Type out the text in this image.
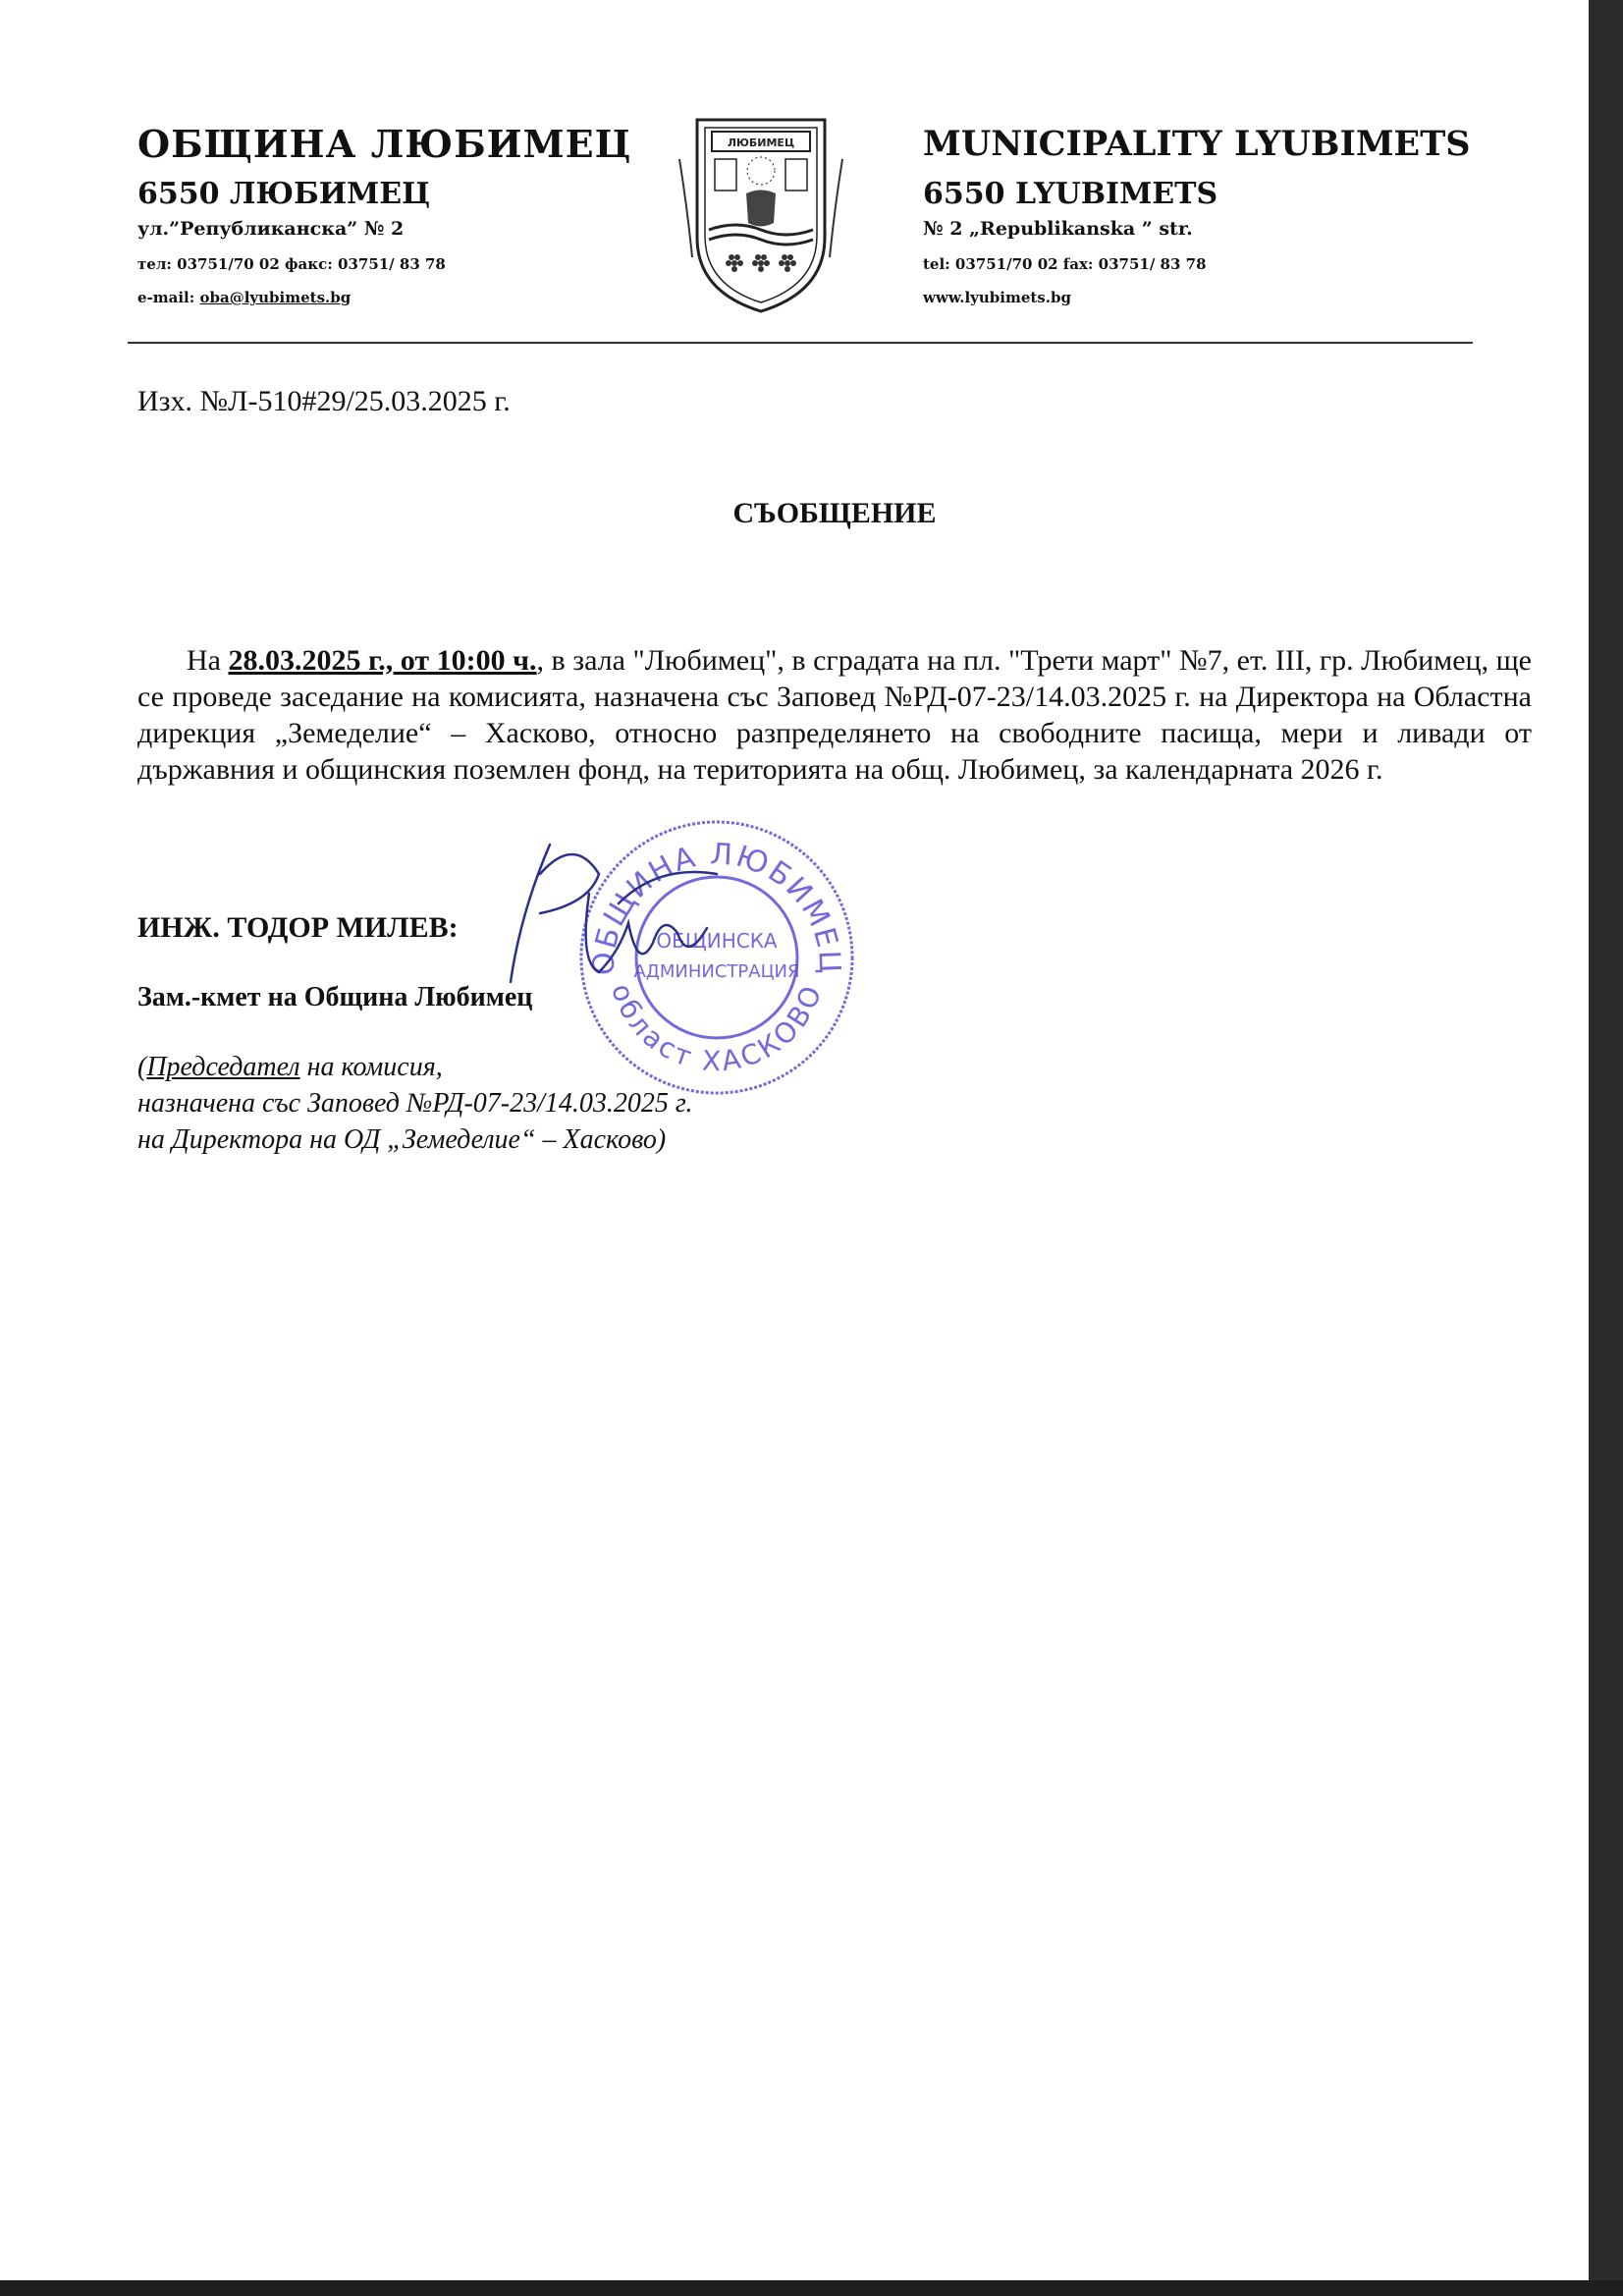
ОБЩИНА ЛЮБИМЕЦ
6550 ЛЮБИМЕЦ
ул.”Републиканска” № 2
тел: 03751/70 02 факс: 03751/ 83 78
e-mail: oba@lyubimets.bg
ЛЮБИМЕЦ	MUNICIPALITY LYUBIMETS
6550 LYUBIMETS
№ 2 „Republikanska ” str.
tel: 03751/70 02 fax: 03751/ 83 78
www.lyubimets.bg
Изх. №Л-510#29/25.03.2025 г.
СЪОБЩЕНИЕ
На 28.03.2025 г., от 10:00 ч., в зала "Любимец", в сградата на пл. "Трети март" №7, ет. III, гр. Любимец, ще се проведе заседание на комисията, назначена със Заповед №РД-07-23/14.03.2025 г. на Директора на Областна дирекция „Земеделие“ – Хасково, относно разпределянето на свободните пасища, мери и ливади от държавния и общинския поземлен фонд, на територията на общ. Любимец, за календарната 2026 г.
ИНЖ. ТОДОР МИЛЕВ:
Зам.-кмет на Община Любимец
(Председател на комисия,
назначена със Заповед №РД-07-23/14.03.2025 г.
на Директора на ОД „Земеделие“ – Хасково)
ОБЩИНА ЛЮБИМЕЦ
област ХАСКОВО
ОБЩИНСКА
АДМИНИСТРАЦИЯ
